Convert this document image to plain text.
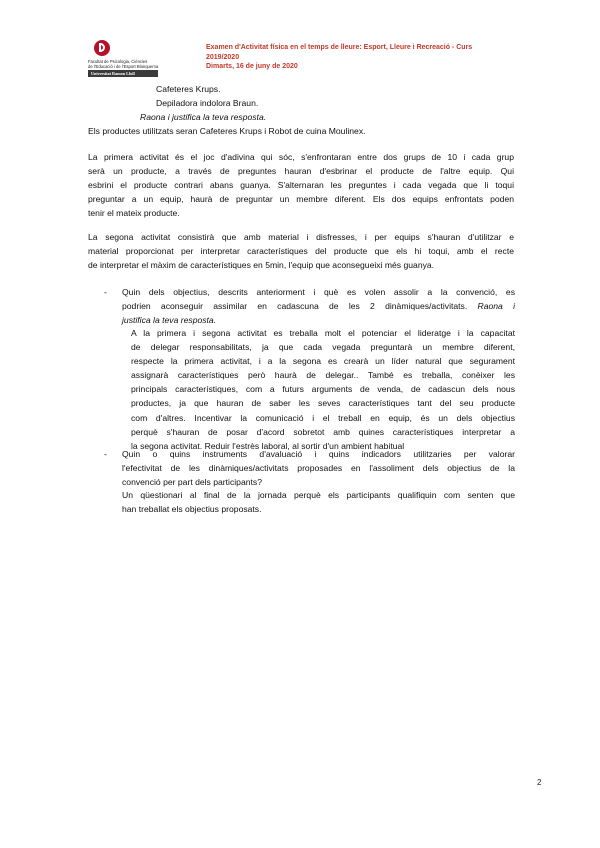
Facultat de Psicologia, Ciències
de l'Educació i de l'Esport Blanquerna
Universitat Ramon Llull
Examen d'Activitat física en el temps de lleure: Esport, Lleure i Recreació - Curs
2019/2020
Dimarts, 16 de juny de 2020
Cafeteres Krups.
Depiladora indolora Braun.
Raona i justifica la teva resposta.
Els productes utilitzats seran Cafeteres Krups i Robot de cuina Moulinex.
La primera activitat és el joc d'adivina qui sóc, s'enfrontaran entre dos grups de 10 i cada grup
serà un producte, a través de preguntes hauran d'esbrinar el producte de l'altre equip. Qui
esbrini el producte contrari abans guanya. S'alternaran les preguntes i cada vegada que li toqui
preguntar a un equip, haurà de preguntar un membre diferent. Els dos equips enfrontats poden
tenir el mateix producte.
La segona activitat consistirà que amb material i disfresses, i per equips s'hauran d'utilitzar e
material proporcionat per interpretar característiques del producte que els hi toqui, amb el recte
de interpretar el màxim de característiques en 5min, l'equip que aconsegueixi més guanya.
- Quin dels objectius, descrits anteriorment i què es volen assolir a la convenció, es
podrien aconseguir assimilar en cadascuna de les 2 dinàmiques/activitats. Raona i
justifica la teva resposta.
A la primera i segona activitat es treballa molt el potenciar el lideratge i la capacitat
de delegar responsabilitats, ja que cada vegada preguntarà un membre diferent,
respecte la primera activitat, i a la segona es crearà un líder natural que segurament
assignarà característiques però haurà de delegar.. També es treballa, conèixer les
principals característiques, com a futurs arguments de venda, de cadascun dels nous
productes, ja que hauran de saber les seves característiques tant del seu producte
com d'altres. Incentivar la comunicació i el treball en equip, és un dels objectius
perquè s'hauran de posar d'acord sobretot amb quines característiques interpretar a
la segona activitat. Reduir l'estrès laboral, al sortir d'un ambient habitual
- Quin o quins instruments d'avaluació i quins indicadors utilitzaries per valorar
l'efectivitat de les dinàmiques/activitats proposades en l'assoliment dels objectius de la
convenció per part dels participants?
Un qüestionari al final de la jornada perquè els participants qualifiquin com senten que
han treballat els objectius proposats.
2
